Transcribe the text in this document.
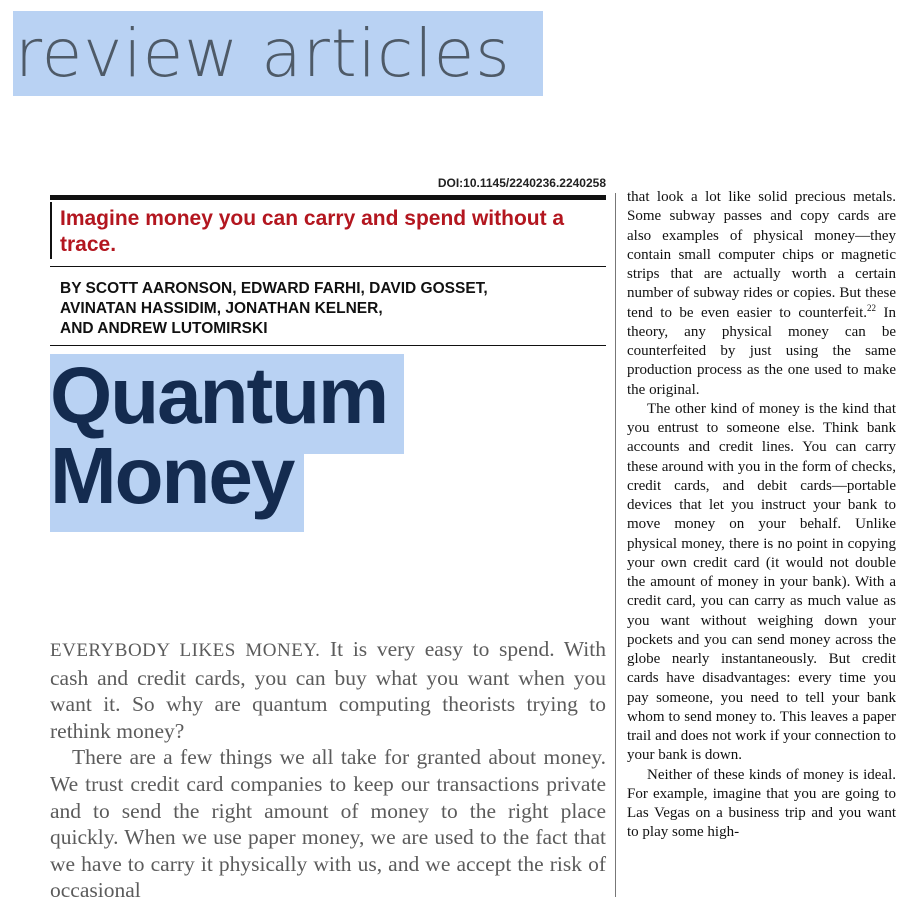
review articles
DOI:10.1145/2240236.2240258
Imagine money you can carry and spend without a trace.
BY SCOTT AARONSON, EDWARD FARHI, DAVID GOSSET,
AVINATAN HASSIDIM, JONATHAN KELNER,
AND ANDREW LUTOMIRSKI
Quantum
Money

EVERYBODY LIKES MONEY. It is very easy to spend. With cash and credit cards, you can buy what you want when you want it. So why are quantum computing theorists trying to rethink money?

There are a few things we all take for granted about money. We trust credit card companies to keep our transactions private and to send the right amount of money to the right place quickly. When we use paper money, we are used to the fact that we have to carry it physically with us, and we accept the risk of occasional

that look a lot like solid precious metals. Some subway passes and copy cards are also examples of physical money—they contain small computer chips or magnetic strips that are actually worth a certain number of subway rides or copies. But these tend to be even easier to counterfeit.$^{22}$ In theory, any physical money can be counterfeited by just using the same production process as the one used to make the original.

The other kind of money is the kind that you entrust to someone else. Think bank accounts and credit lines. You can carry these around with you in the form of checks, credit cards, and debit cards—portable devices that let you instruct your bank to move money on your behalf. Unlike physical money, there is no point in copying your own credit card (it would not double the amount of money in your bank). With a credit card, you can carry as much value as you want without weighing down your pockets and you can send money across the globe nearly instantaneously. But credit cards have disadvantages: every time you pay someone, you need to tell your bank whom to send money to. This leaves a paper trail and does not work if your connection to your bank is down.

Neither of these kinds of money is ideal. For example, imagine that you are going to Las Vegas on a business trip and you want to play some high-
